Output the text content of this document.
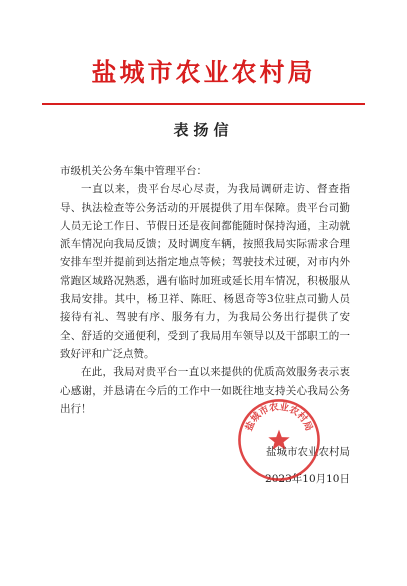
盐城市农业农村局
表扬信

市级机关公务车集中管理平台：

一直以来，贵平台尽心尽责，为我局调研走访、督查指导、执法检查等公务活动的开展提供了用车保障。贵平台司勤人员无论工作日、节假日还是夜间都能随时保持沟通，主动就派车情况向我局反馈；及时调度车辆，按照我局实际需求合理安排车型并提前到达指定地点等候；驾驶技术过硬，对市内外常跑区域路况熟悉，遇有临时加班或延长用车情况，积极服从我局安排。其中，杨卫祥、陈旺、杨恩奇等3位驻点司勤人员接待有礼、驾驶有序、服务有力，为我局公务出行提供了安全、舒适的交通便利，受到了我局用车领导以及干部职工的一致好评和广泛点赞。

在此，我局对贵平台一直以来提供的优质高效服务表示衷心感谢，并恳请在今后的工作中一如既往地支持关心我局公务出行！

盐城市农业农村局
2023年10月10日
盐城市农业农村局
